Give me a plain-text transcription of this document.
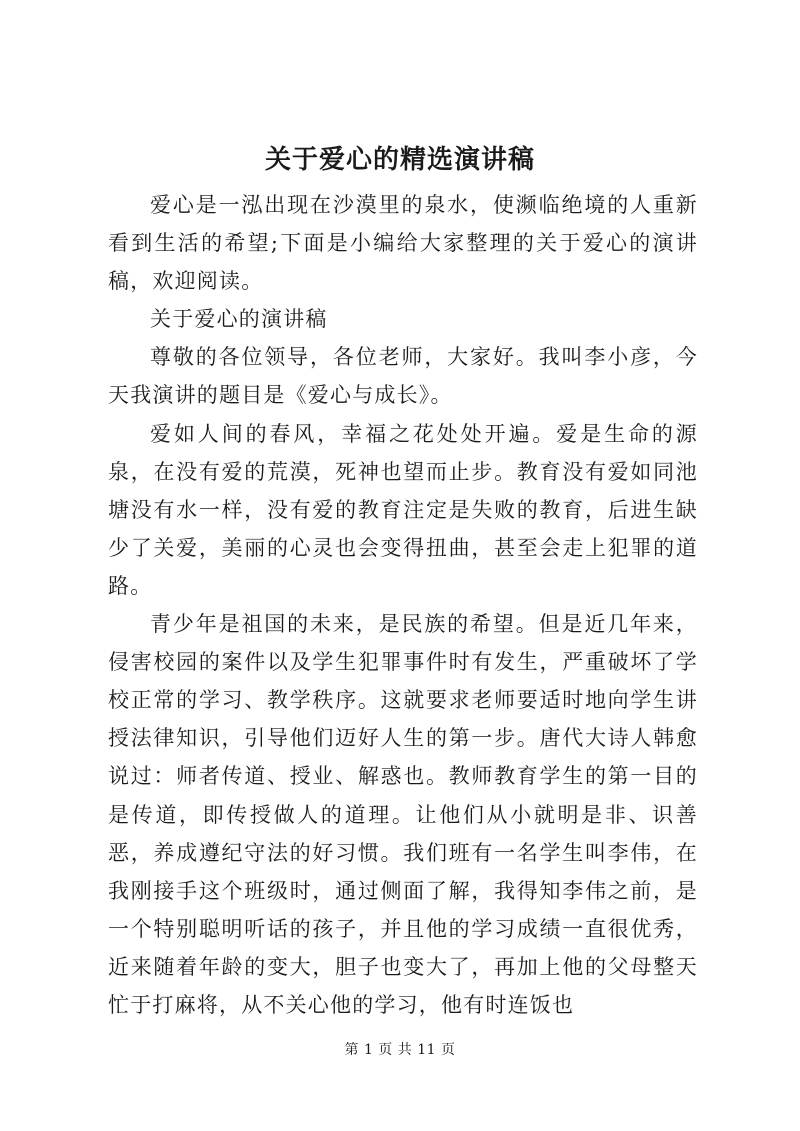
关于爱心的精选演讲稿

爱心是一泓出现在沙漠里的泉水，使濒临绝境的人重新看到生活的希望;下面是小编给大家整理的关于爱心的演讲稿，欢迎阅读。

关于爱心的演讲稿

尊敬的各位领导，各位老师，大家好。我叫李小彦，今天我演讲的题目是《爱心与成长》。

爱如人间的春风，幸福之花处处开遍。爱是生命的源泉，在没有爱的荒漠，死神也望而止步。教育没有爱如同池塘没有水一样，没有爱的教育注定是失败的教育，后进生缺少了关爱，美丽的心灵也会变得扭曲，甚至会走上犯罪的道路。

青少年是祖国的未来，是民族的希望。但是近几年来，侵害校园的案件以及学生犯罪事件时有发生，严重破坏了学校正常的学习、教学秩序。这就要求老师要适时地向学生讲授法律知识，引导他们迈好人生的第一步。唐代大诗人韩愈说过：师者传道、授业、解惑也。教师教育学生的第一目的是传道，即传授做人的道理。让他们从小就明是非、识善恶，养成遵纪守法的好习惯。我们班有一名学生叫李伟，在我刚接手这个班级时，通过侧面了解，我得知李伟之前，是一个特别聪明听话的孩子，并且他的学习成绩一直很优秀，近来随着年龄的变大，胆子也变大了，再加上他的父母整天忙于打麻将，从不关心他的学习，他有时连饭也

第 1 页 共 11 页
